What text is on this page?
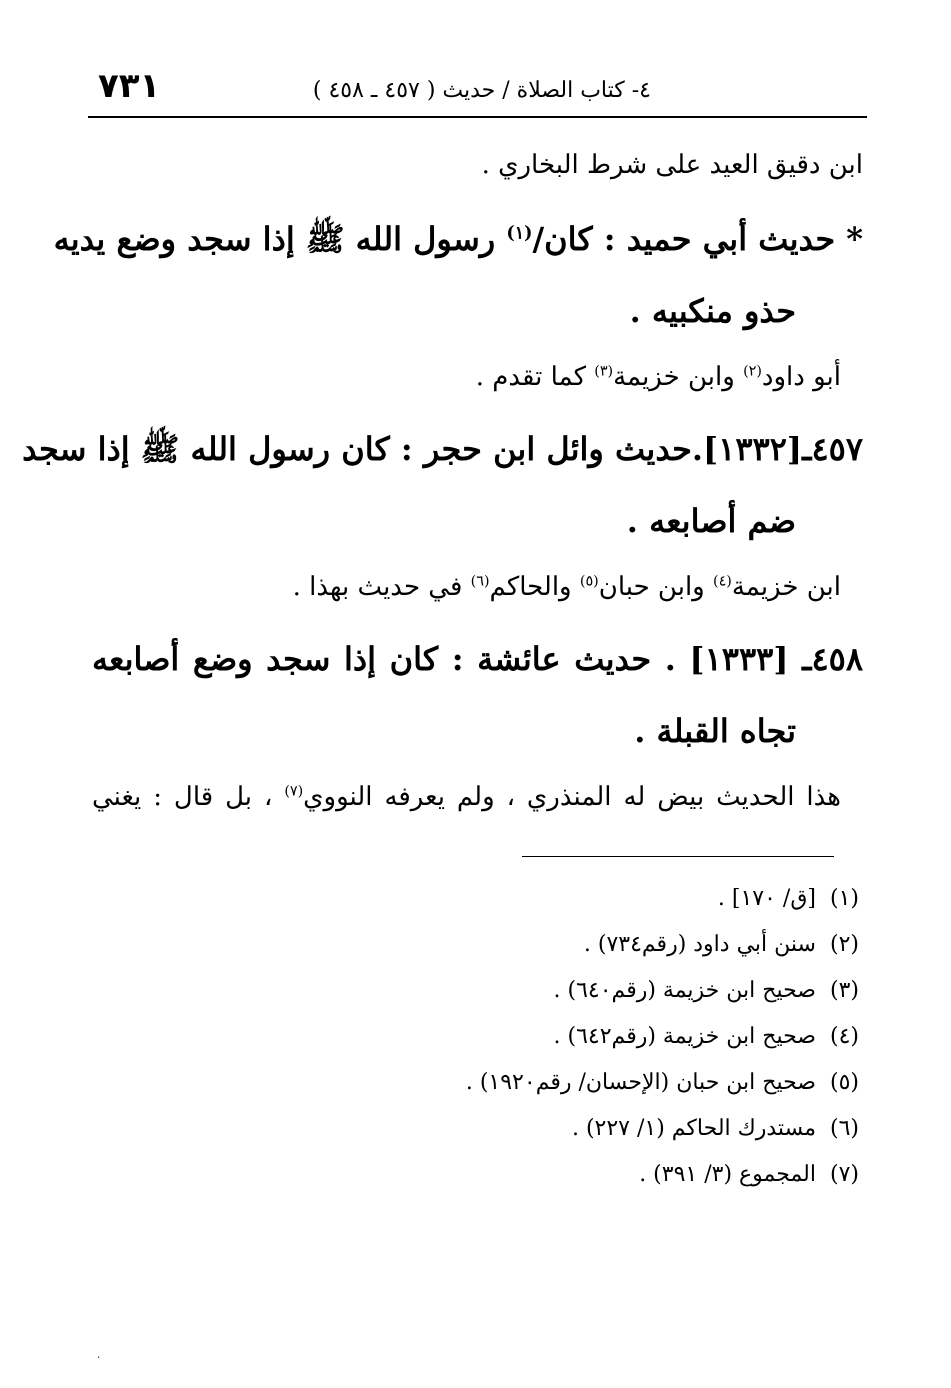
٧٣١	٤- كتاب الصلاة / حديث ( ٤٥٧ ـ ٤٥٨ )
ابن دقيق العيد على شرط البخاري .
* حديث أبي حميد : كان/$^{(١)}$ رسول الله ﷺ إذا سجد وضع يديه
حذو منكبيه .
أبو داود$^{(٢)}$ وابن خزيمة$^{(٣)}$ كما تقدم .
٤٥٧ـ[١٣٣٢].حديث وائل ابن حجر : كان رسول الله ﷺ إذا سجد
ضم أصابعه .
ابن خزيمة$^{(٤)}$ وابن حبان$^{(٥)}$ والحاكم$^{(٦)}$ في حديث بهذا .
٤٥٨ـ [١٣٣٣] . حديث عائشة : كان إذا سجد وضع أصابعه
تجاه القبلة .
هذا الحديث بيض له المنذري ، ولم يعرفه النووي$^{(٧)}$ ، بل قال : يغني
(١)[ق/ ١٧٠] .
(٢)سنن أبي داود (رقم٧٣٤) .
(٣)صحيح ابن خزيمة (رقم٦٤٠) .
(٤)صحيح ابن خزيمة (رقم٦٤٢) .
(٥)صحيح ابن حبان (الإحسان/ رقم١٩٢٠) .
(٦)مستدرك الحاكم (١/ ٢٢٧) .
(٧)المجموع (٣/ ٣٩١) .
٠
